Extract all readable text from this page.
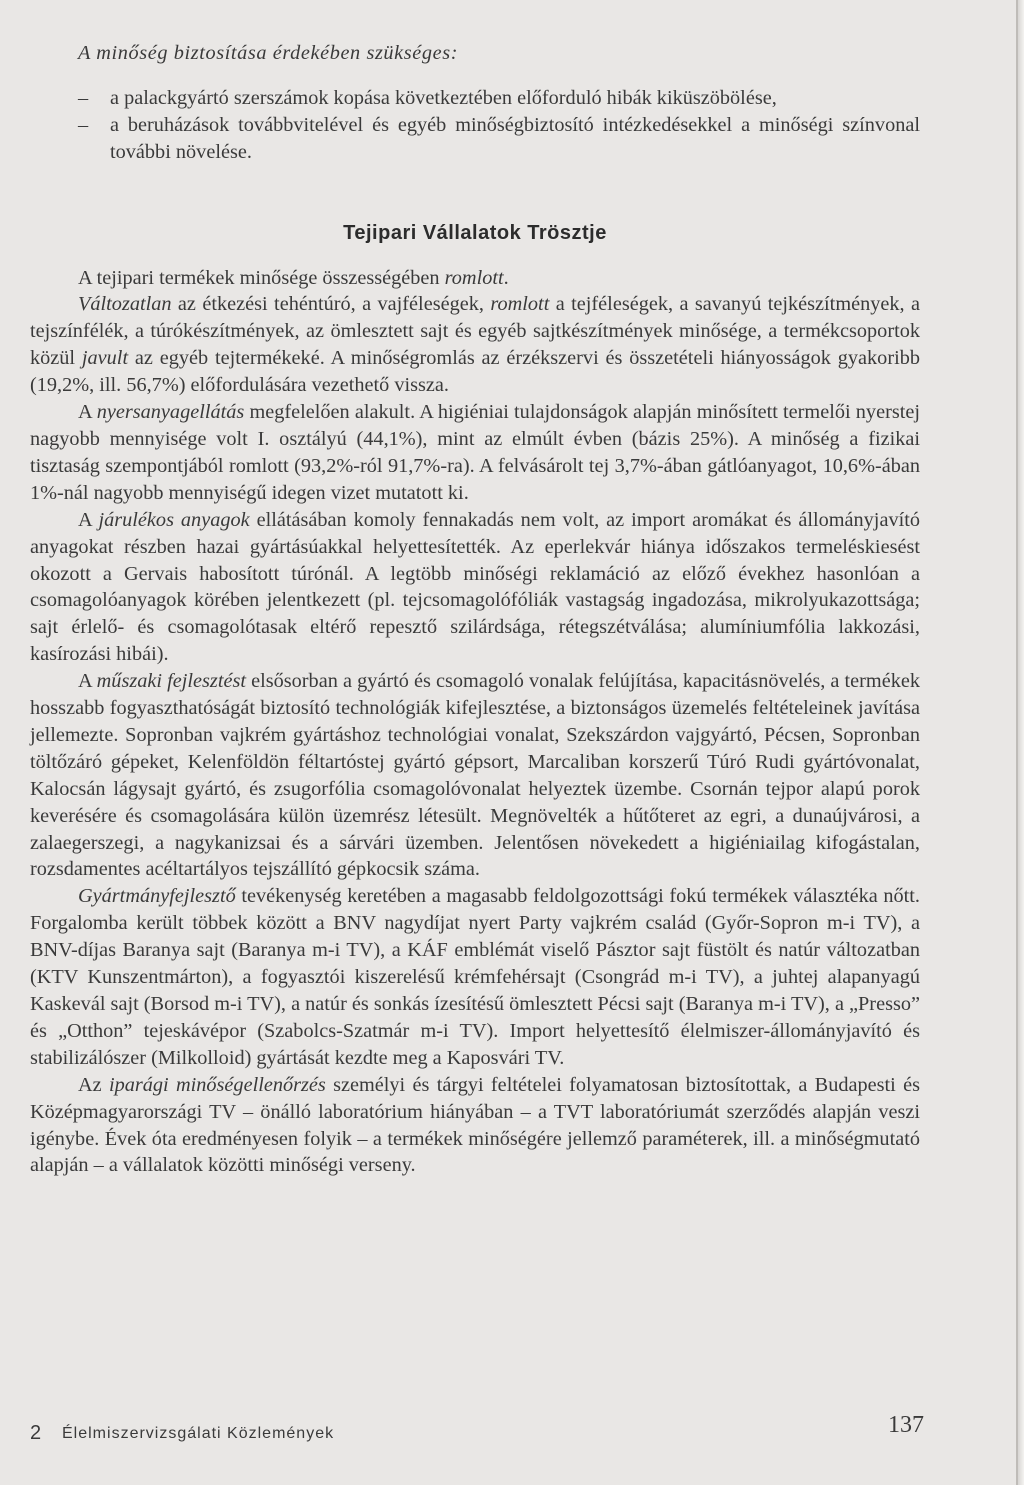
A minőség biztosítása érdekében szükséges:

– a palackgyártó szerszámok kopása következtében előforduló hibák kiküszöbölése,
– a beruházások továbbvitelével és egyéb minőségbiztosító intézkedésekkel a minőségi színvonal további növelése.
Tejipari Vállalatok Trösztje

A tejipari termékek minősége összességében romlott.

Változatlan az étkezési tehéntúró, a vajféleségek, romlott a tejféleségek, a savanyú tejkészítmények, a tejszínfélék, a túrókészítmények, az ömlesztett sajt és egyéb sajtkészítmények minősége, a termékcsoportok közül javult az egyéb tejtermékeké. A minőségromlás az érzékszervi és összetételi hiányosságok gyakoribb (19,2%, ill. 56,7%) előfordulására vezethető vissza.

A nyersanyagellátás megfelelően alakult. A higiéniai tulajdonságok alapján minősített termelői nyerstej nagyobb mennyisége volt I. osztályú (44,1%), mint az elmúlt évben (bázis 25%). A minőség a fizikai tisztaság szempontjából romlott (93,2%-ról 91,7%-ra). A felvásárolt tej 3,7%-ában gátlóanyagot, 10,6%-ában 1%-nál nagyobb mennyiségű idegen vizet mutatott ki.

A járulékos anyagok ellátásában komoly fennakadás nem volt, az import aromákat és állományjavító anyagokat részben hazai gyártásúakkal helyettesítették. Az eperlekvár hiánya időszakos termeléskiesést okozott a Gervais habosított túrónál. A legtöbb minőségi reklamáció az előző évekhez hasonlóan a csomagolóanyagok körében jelentkezett (pl. tejcsomagolófóliák vastagság ingadozása, mikrolyukazottsága; sajt érlelő- és csomagolótasak eltérő repesztő szilárdsága, rétegszétválása; alumíniumfólia lakkozási, kasírozási hibái).

A műszaki fejlesztést elsősorban a gyártó és csomagoló vonalak felújítása, kapacitásnövelés, a termékek hosszabb fogyaszthatóságát biztosító technológiák kifejlesztése, a biztonságos üzemelés feltételeinek javítása jellemezte. Sopronban vajkrém gyártáshoz technológiai vonalat, Szekszárdon vajgyártó, Pécsen, Sopronban töltőzáró gépeket, Kelenföldön féltartóstej gyártó gépsort, Marcaliban korszerű Túró Rudi gyártóvonalat, Kalocsán lágysajt gyártó, és zsugorfólia csomagolóvonalat helyeztek üzembe. Csornán tejpor alapú porok keverésére és csomagolására külön üzemrész létesült. Megnövelték a hűtőteret az egri, a dunaújvárosi, a zalaegerszegi, a nagykanizsai és a sárvári üzemben. Jelentősen növekedett a higiéniailag kifogástalan, rozsdamentes acéltartályos tejszállító gépkocsik száma.

Gyártmányfejlesztő tevékenység keretében a magasabb feldolgozottsági fokú termékek választéka nőtt. Forgalomba került többek között a BNV nagydíjat nyert Party vajkrém család (Győr-Sopron m-i TV), a BNV-díjas Baranya sajt (Baranya m-i TV), a KÁF emblémát viselő Pásztor sajt füstölt és natúr változatban (KTV Kunszentmárton), a fogyasztói kiszerelésű krémfehérsajt (Csongrád m-i TV), a juhtej alapanyagú Kaskevál sajt (Borsod m-i TV), a natúr és sonkás ízesítésű ömlesztett Pécsi sajt (Baranya m-i TV), a „Presso” és „Otthon” tejeskávépor (Szabolcs-Szatmár m-i TV). Import helyettesítő élelmiszer-állományjavító és stabilizálószer (Milkolloid) gyártását kezdte meg a Kaposvári TV.

Az iparági minőségellenőrzés személyi és tárgyi feltételei folyamatosan biztosítottak, a Budapesti és Középmagyarországi TV – önálló laboratórium hiányában – a TVT laboratóriumát szerződés alapján veszi igénybe. Évek óta eredményesen folyik – a termékek minőségére jellemző paraméterek, ill. a minőségmutató alapján – a vállalatok közötti minőségi verseny.

2 Élelmiszervizsgálati Közlemények	137
